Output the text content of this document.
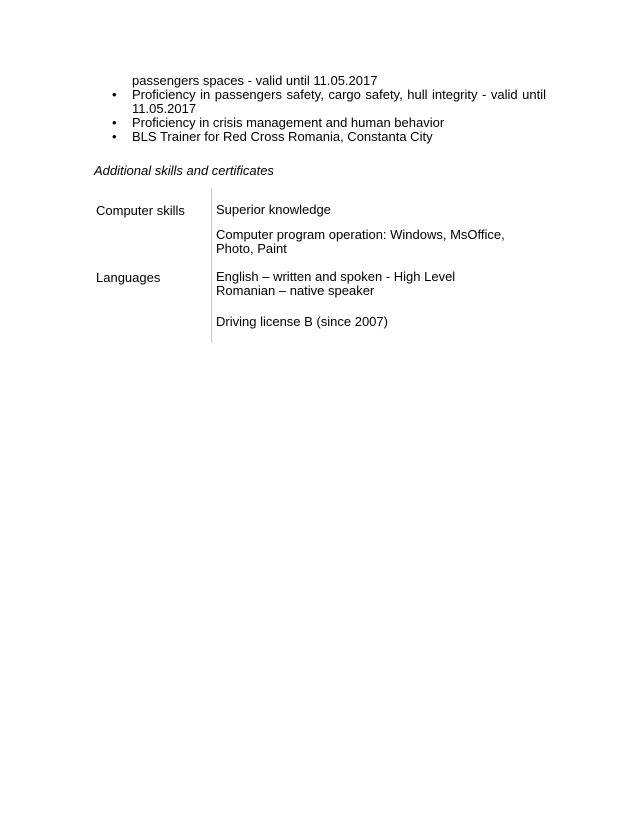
passengers spaces - valid until 11.05.2017
• Proficiency in passengers safety, cargo safety, hull integrity - valid until 11.05.2017
• Proficiency in crisis management and human behavior
• BLS Trainer for Red Cross Romania, Constanta City
Additional skills and certificates
Computer skills Superior knowledge
Computer program operation: Windows, MsOffice, Photo, Paint
Languages	English – written and spoken - High Level
Romanian – native speaker
Driving license B (since 2007)
